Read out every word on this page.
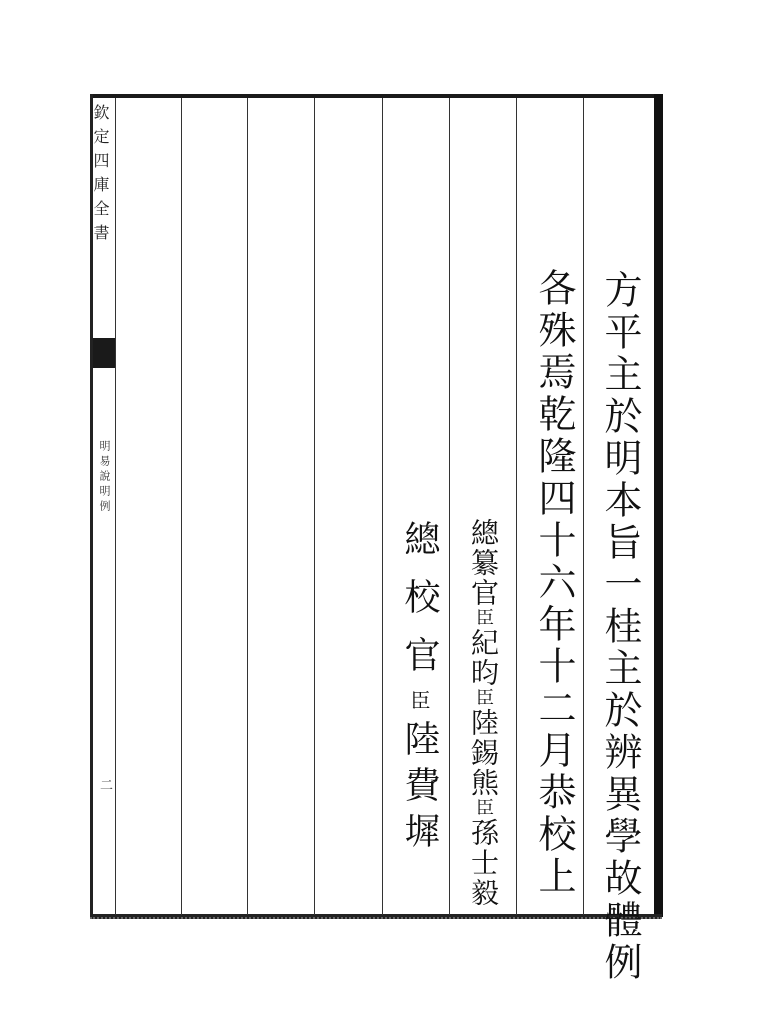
欽定四庫全書
明易說明例
二	方平主於明本旨一桂主於辨異學故體例
各殊焉乾隆四十六年十二月恭校上
總纂官臣紀昀臣陸錫熊臣孫士毅
總校官
臣陸費墀
